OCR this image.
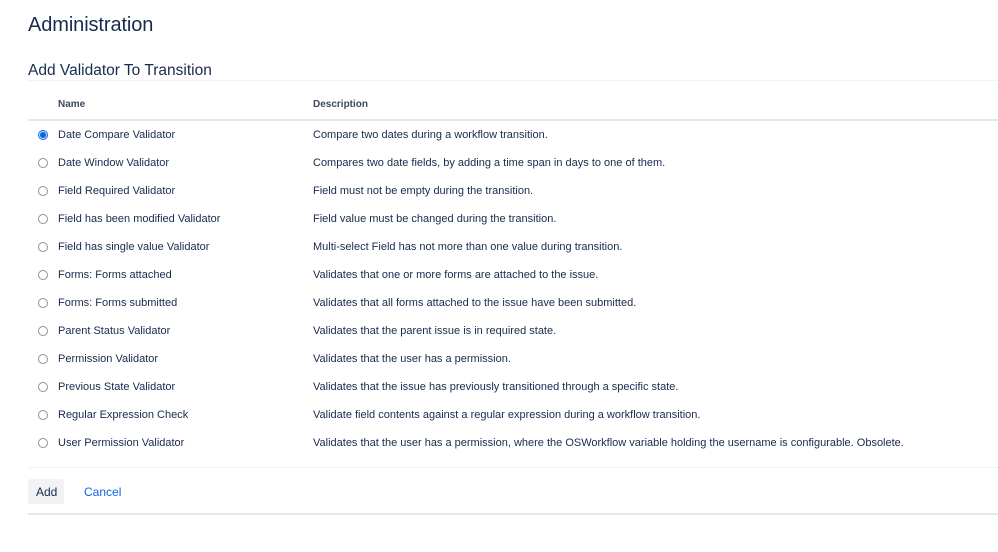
Administration
Add Validator To Transition
	Name	Description
	Date Compare Validator	Compare two dates during a workflow transition.
	Date Window Validator	Compares two date fields, by adding a time span in days to one of them.
	Field Required Validator	Field must not be empty during the transition.
	Field has been modified Validator	Field value must be changed during the transition.
	Field has single value Validator	Multi-select Field has not more than one value during transition.
	Forms: Forms attached	Validates that one or more forms are attached to the issue.
	Forms: Forms submitted	Validates that all forms attached to the issue have been submitted.
	Parent Status Validator	Validates that the parent issue is in required state.
	Permission Validator	Validates that the user has a permission.
	Previous State Validator	Validates that the issue has previously transitioned through a specific state.
	Regular Expression Check	Validate field contents against a regular expression during a workflow transition.
	User Permission Validator	Validates that the user has a permission, where the OSWorkflow variable holding the username is configurable. Obsolete.
Add	Cancel
